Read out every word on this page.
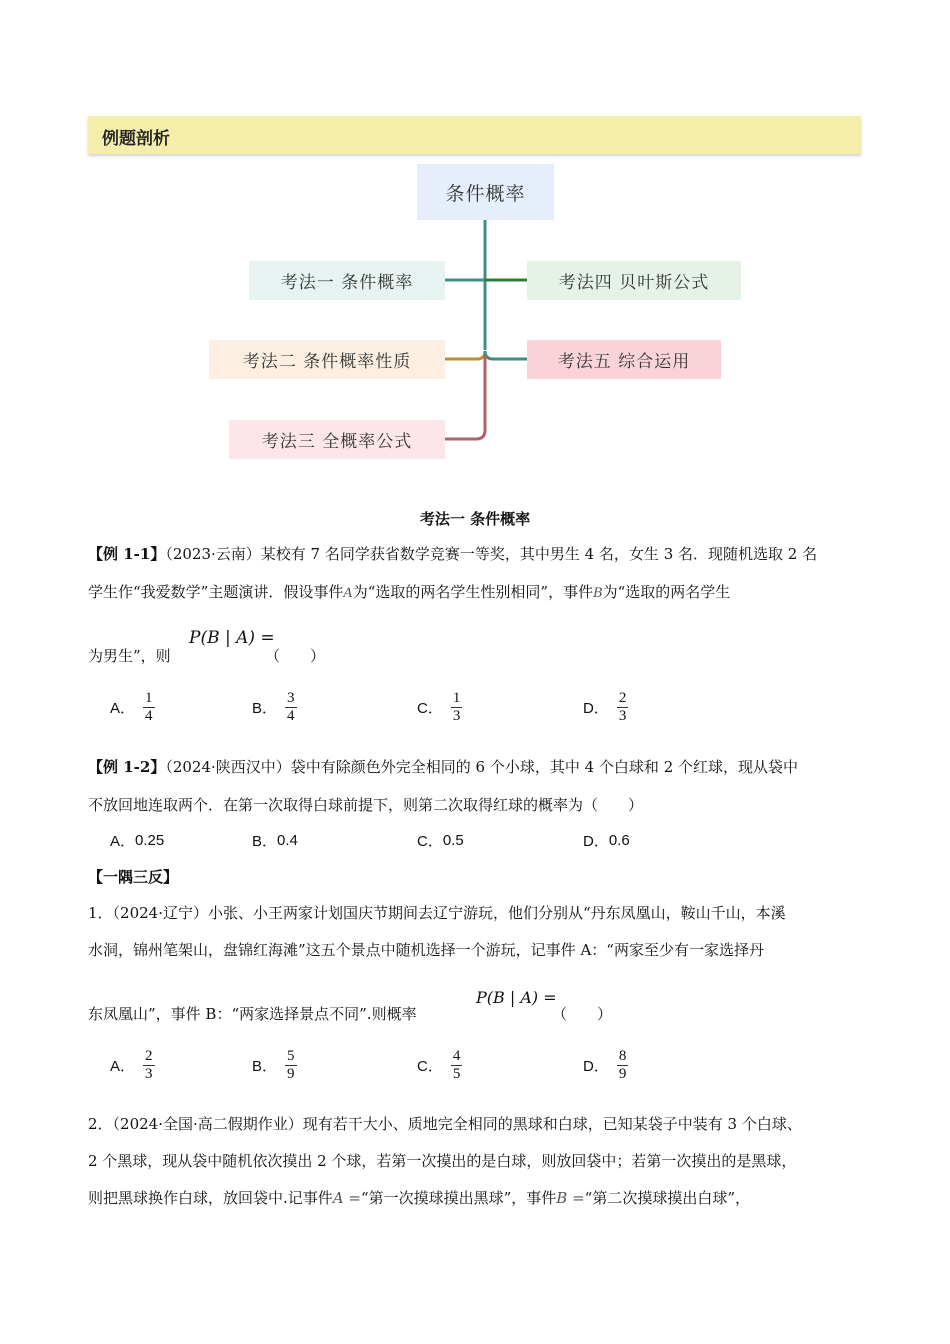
例题剖析
条件概率
考法一 条件概率
考法二 条件概率性质
考法三 全概率公式
考法四 贝叶斯公式
考法五 综合运用
考法一 条件概率
【例 1-1】（2023·云南）某校有 7 名同学获省数学竞赛一等奖，其中男生 4 名，女生 3 名．现随机选取 2 名
学生作“我爱数学”主题演讲．假设事件A为“选取的两名学生性别相同”，事件B为“选取的两名学生
为男生”，则
P(B | A) =
（　　）
A． $\frac{1}{4}$	B． $\frac{3}{4}$	C． $\frac{1}{3}$	D． $\frac{2}{3}$
【例 1-2】（2024·陕西汉中）袋中有除颜色外完全相同的 6 个小球，其中 4 个白球和 2 个红球，现从袋中
不放回地连取两个．在第一次取得白球前提下，则第二次取得红球的概率为（　　）
A． 0.25	B． 0.4	C． 0.5	D． 0.6
【一隅三反】
1．（2024·辽宁）小张、小王两家计划国庆节期间去辽宁游玩，他们分别从“丹东凤凰山，鞍山千山，本溪
水洞，锦州笔架山，盘锦红海滩”这五个景点中随机选择一个游玩，记事件 A：“两家至少有一家选择丹
东凤凰山”，事件 B：“两家选择景点不同”.则概率
P(B | A) =
（　　）
A． $\frac{2}{3}$	B． $\frac{5}{9}$	C． $\frac{4}{5}$	D． $\frac{8}{9}$
2．（2024·全国·高二假期作业）现有若干大小、质地完全相同的黑球和白球，已知某袋子中装有 3 个白球、
2 个黑球，现从袋中随机依次摸出 2 个球，若第一次摸出的是白球，则放回袋中；若第一次摸出的是黑球，
则把黑球换作白球，放回袋中.记事件A =“第一次摸球摸出黑球”，事件B =“第二次摸球摸出白球”，
